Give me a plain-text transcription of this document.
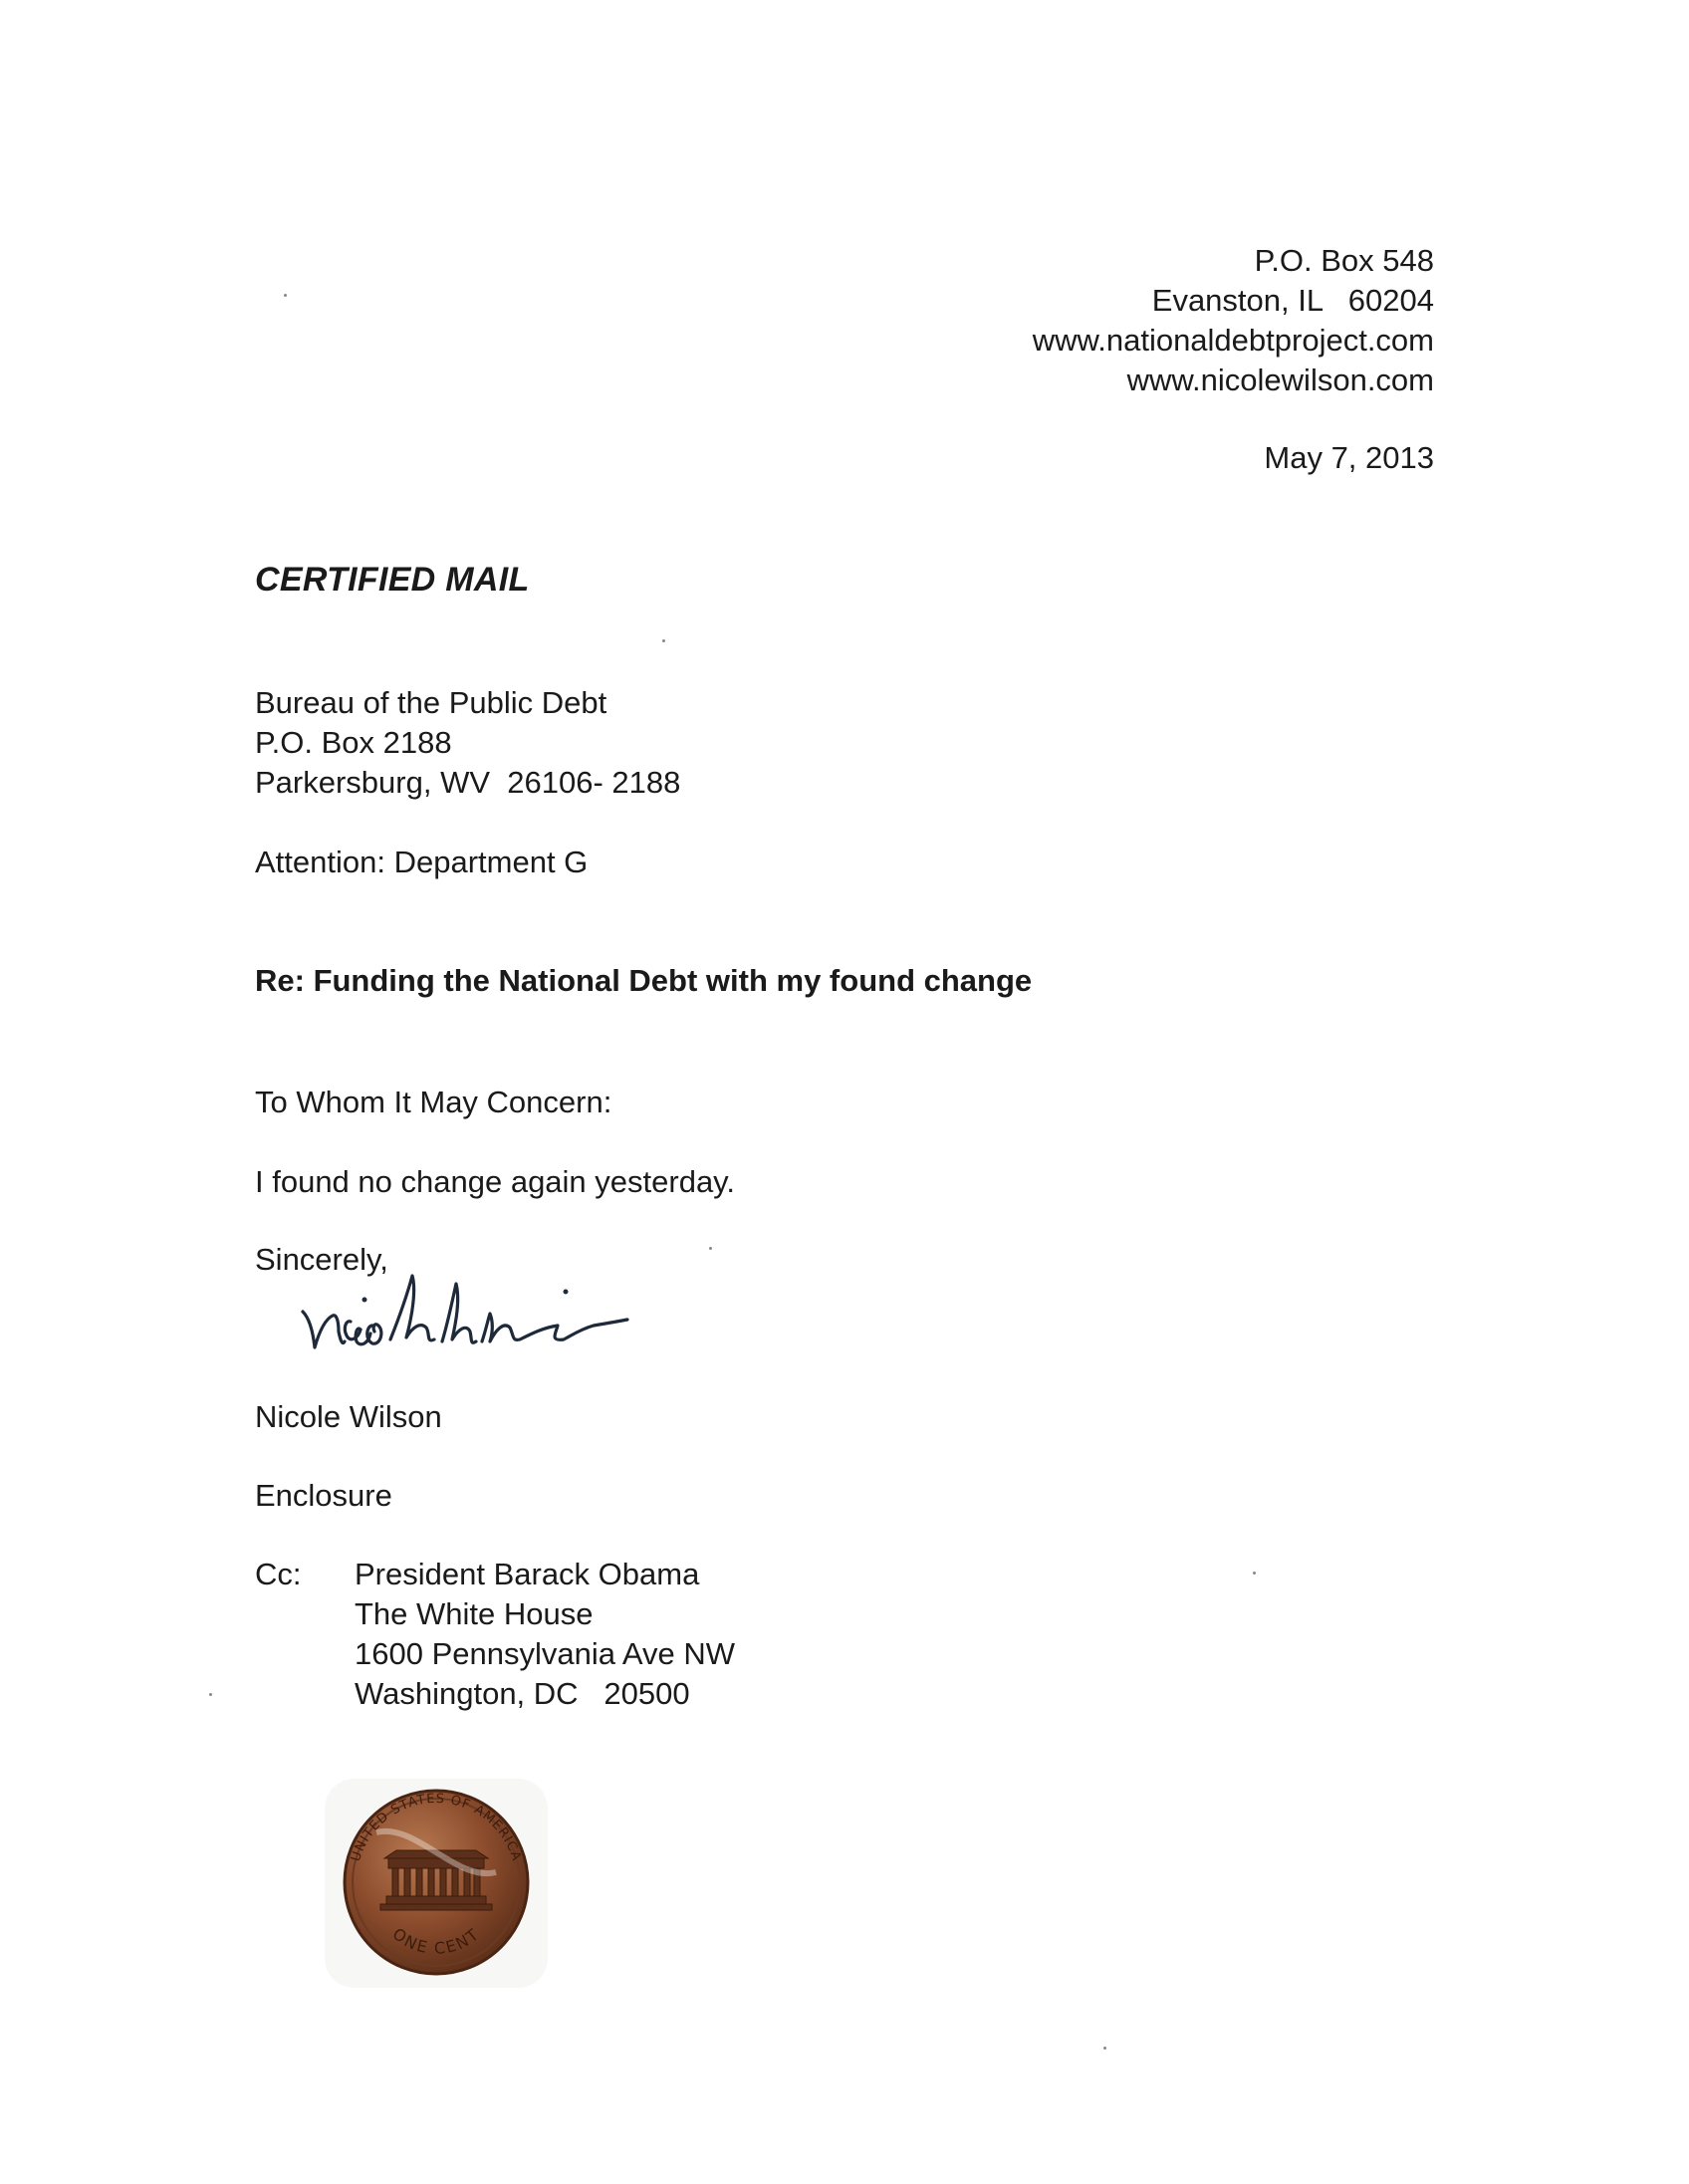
P.O. Box 548
Evanston, IL   60204
www.nationaldebtproject.com
www.nicolewilson.com
May 7, 2013
CERTIFIED MAIL
Bureau of the Public Debt
P.O. Box 2188
Parkersburg, WV  26106- 2188
Attention: Department G
Re: Funding the National Debt with my found change
To Whom It May Concern:
I found no change again yesterday.
Sincerely,
Nicole Wilson
Enclosure
Cc: President Barack Obama
The White House
1600 Pennsylvania Ave NW
Washington, DC   20500
UNITED STATES OF AMERICA
ONE CENT
